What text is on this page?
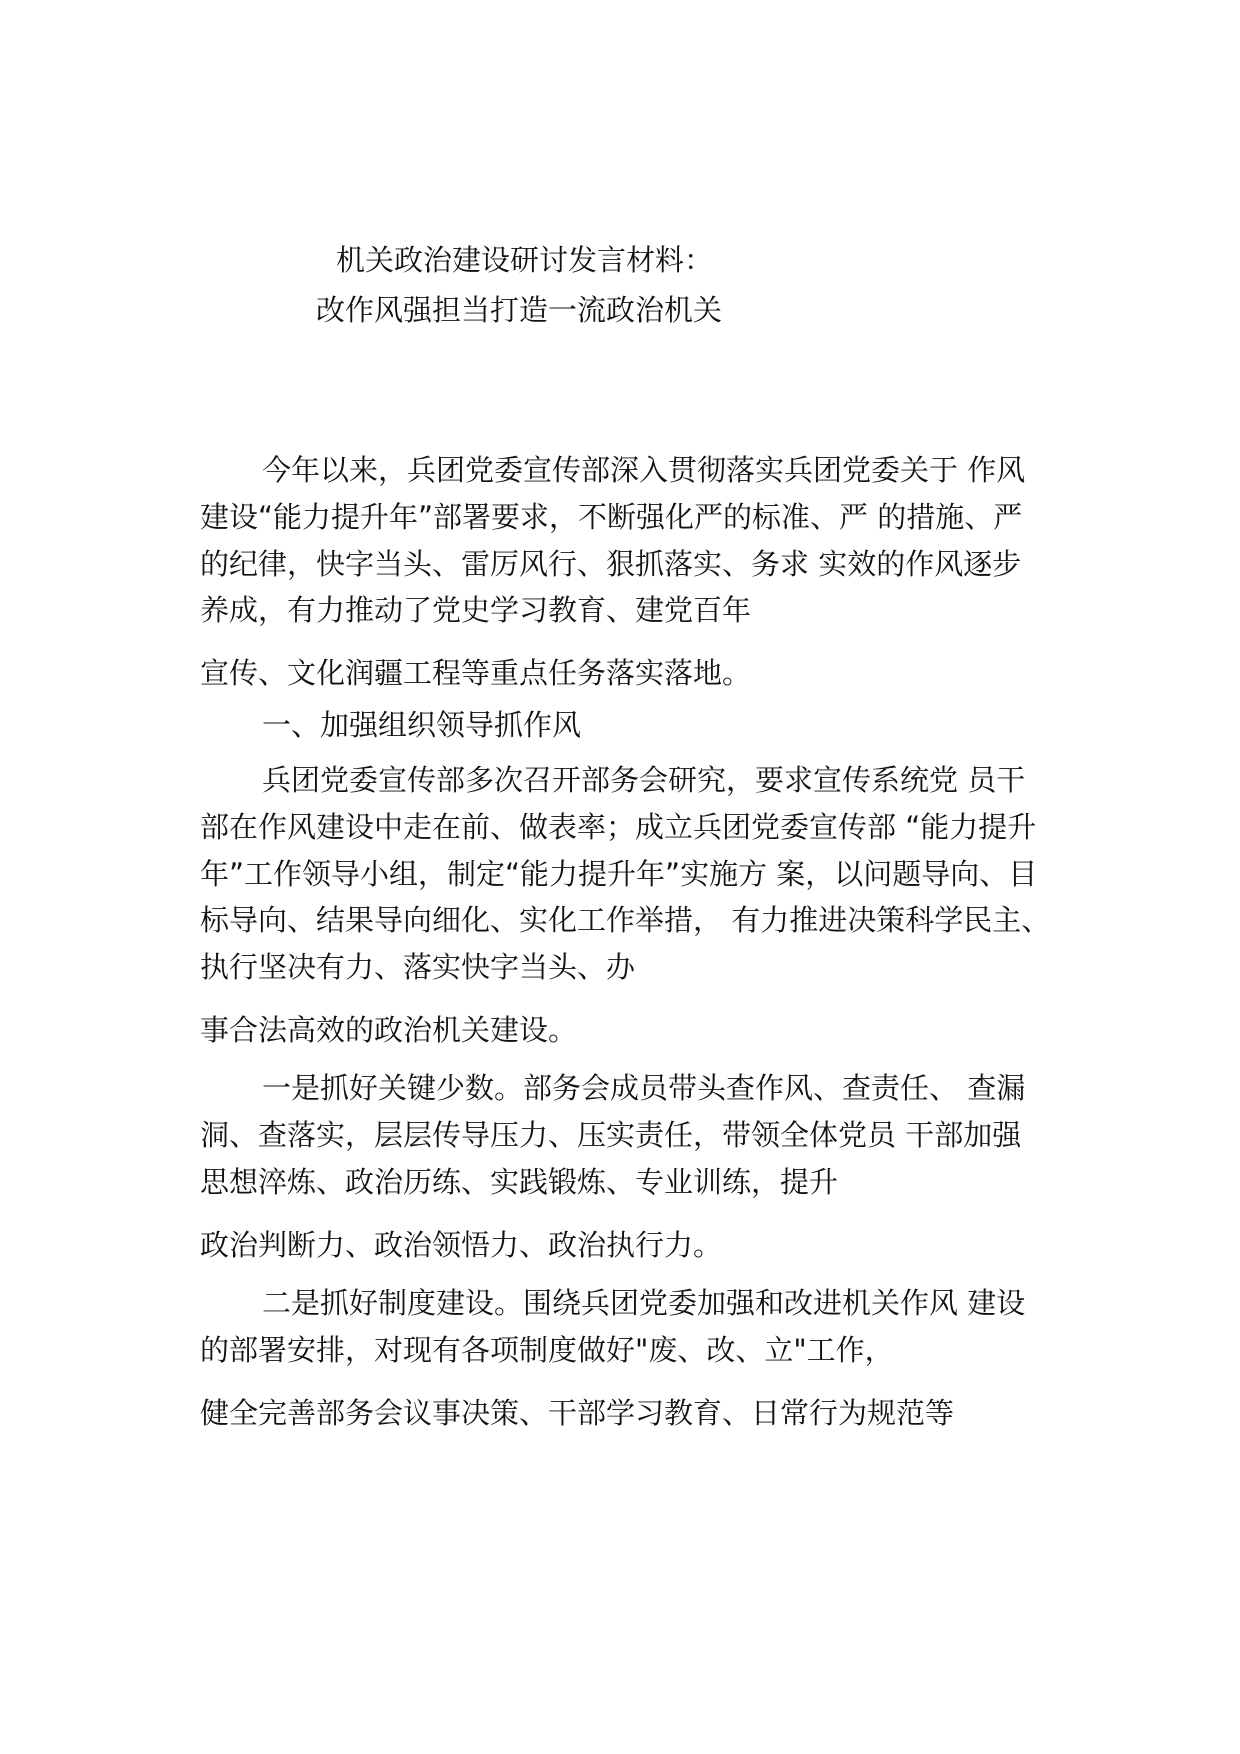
机关政治建设研讨发言材料：
改作风强担当打造一流政治机关
今年以来，兵团党委宣传部深入贯彻落实兵团党委关于 作风
建设“能力提升年”部署要求，不断强化严的标准、严 的措施、严
的纪律，快字当头、雷厉风行、狠抓落实、务求 实效的作风逐步
养成，有力推动了党史学习教育、建党百年
宣传、文化润疆工程等重点任务落实落地。
一、加强组织领导抓作风
兵团党委宣传部多次召开部务会研究，要求宣传系统党 员干
部在作风建设中走在前、做表率；成立兵团党委宣传部 “能力提升
年”工作领导小组，制定“能力提升年”实施方 案，以问题导向、目
标导向、结果导向细化、实化工作举措， 有力推进决策科学民主、
执行坚决有力、落实快字当头、办
事合法高效的政治机关建设。
一是抓好关键少数。部务会成员带头查作风、查责任、 查漏
洞、查落实，层层传导压力、压实责任，带领全体党员 干部加强
思想淬炼、政治历练、实践锻炼、专业训练，提升
政治判断力、政治领悟力、政治执行力。
二是抓好制度建设。围绕兵团党委加强和改进机关作风 建设
的部署安排，对现有各项制度做好"废、改、立"工作，
健全完善部务会议事决策、干部学习教育、日常行为规范等
